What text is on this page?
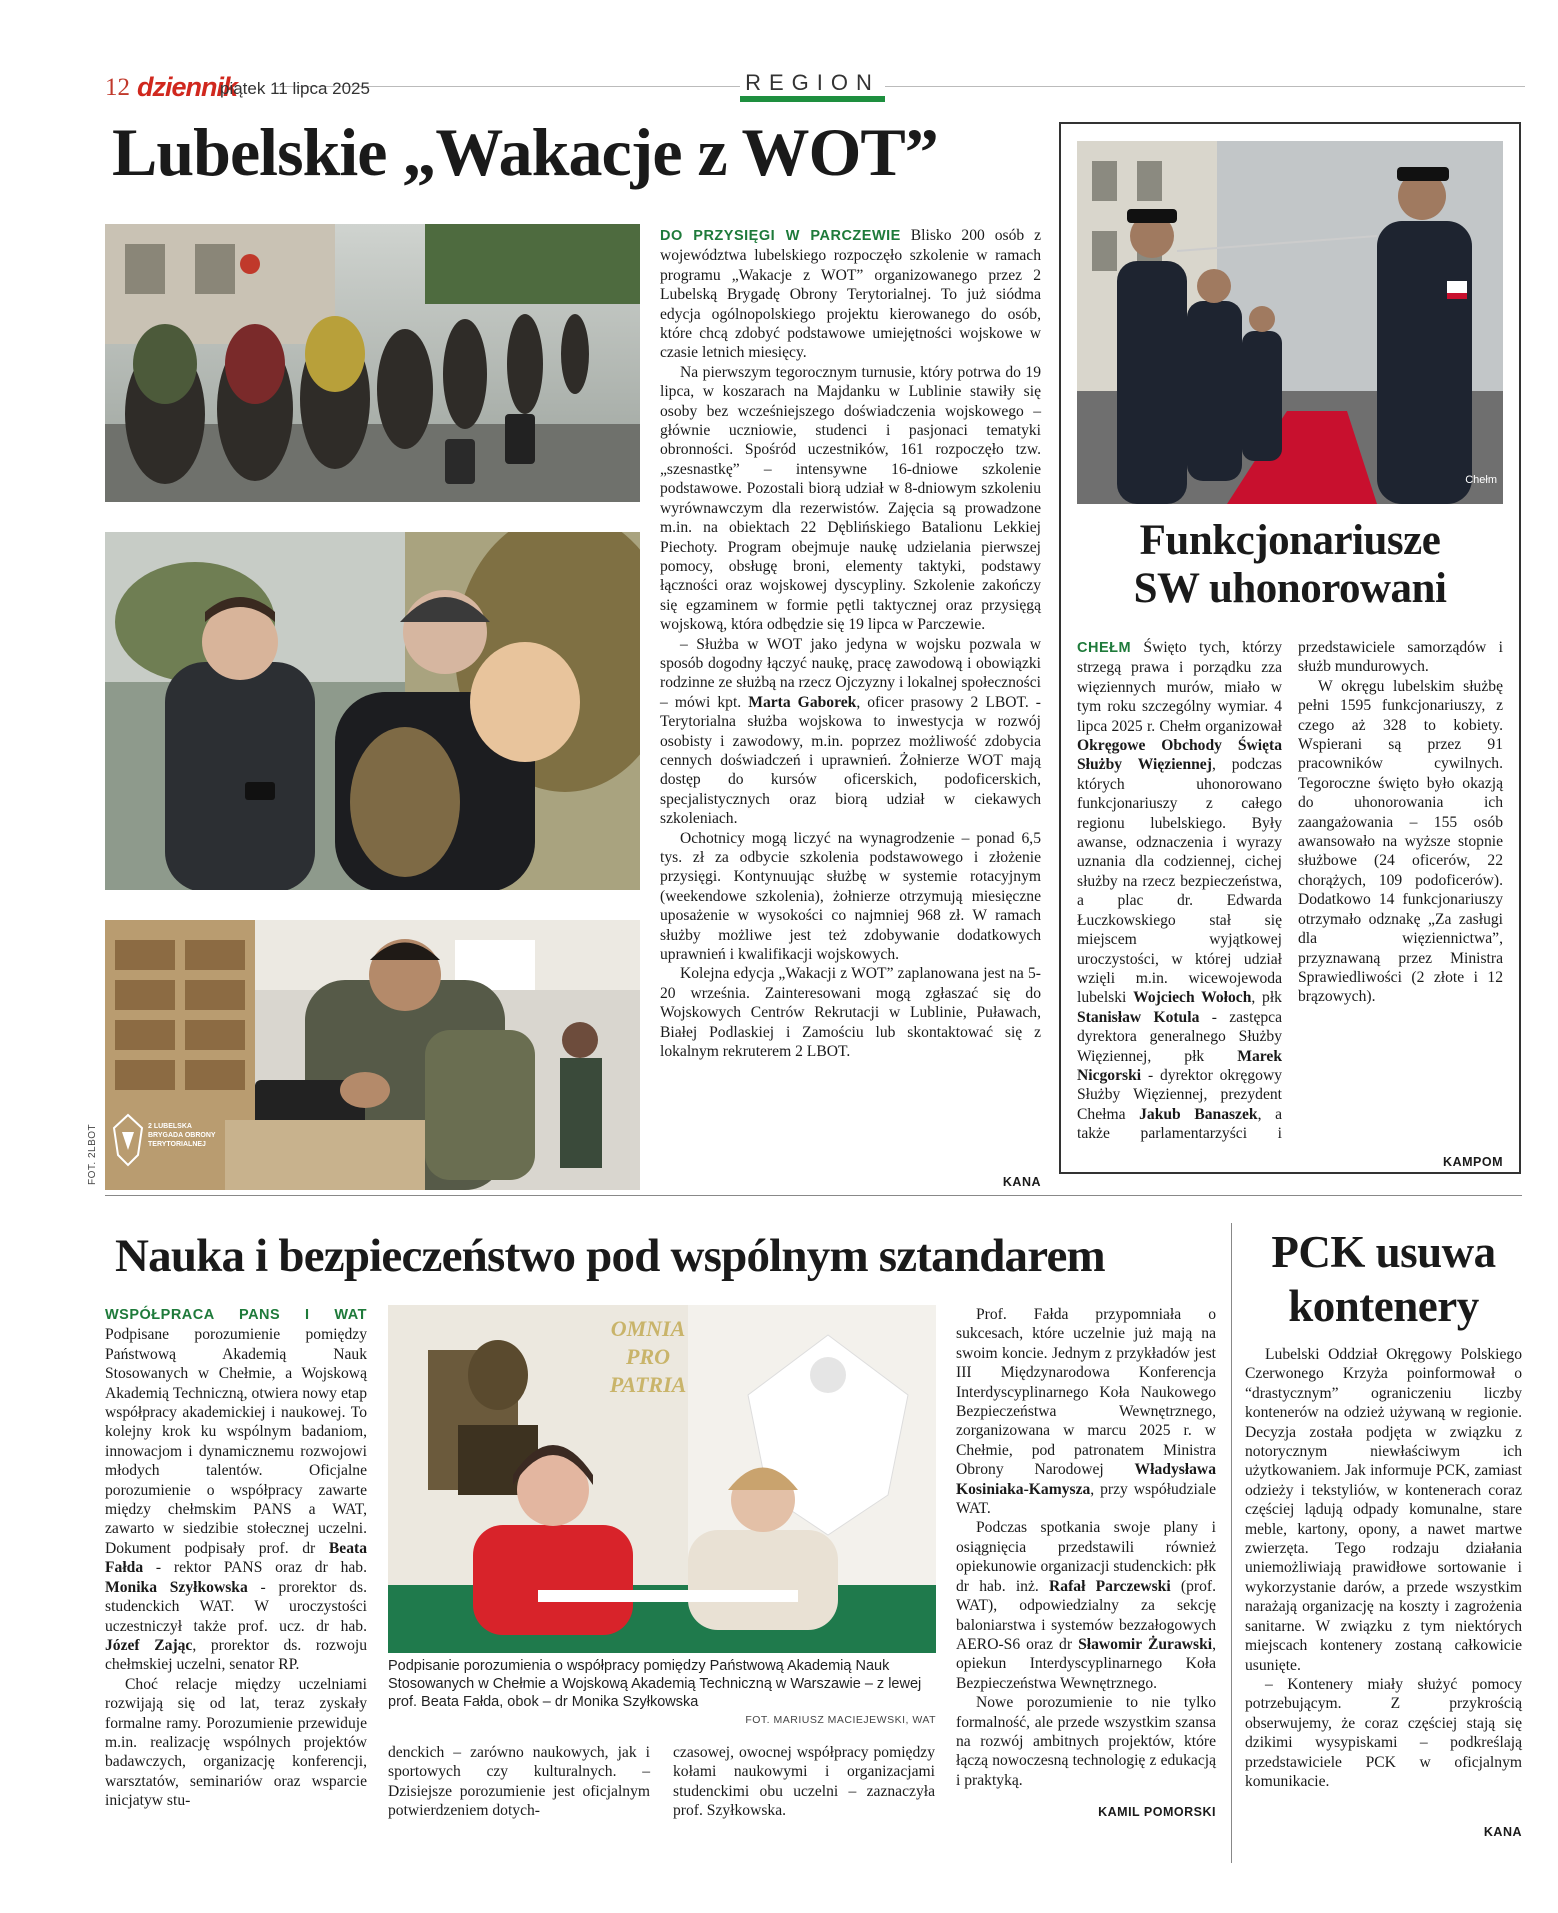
12 dziennik
piątek 11 lipca 2025	REGION
Lubelskie „Wakacje z WOT”
2 LUBELSKA BRYGADA OBRONY TERYTORIALNEJ
FOT. 2LBOT

DO PRZYSIĘGI W PARCZEWIE Blisko 200 osób z województwa lubelskiego rozpoczęło szkolenie w ramach programu „Wakacje z WOT” organizowanego przez 2 Lubelską Brygadę Obrony Terytorialnej. To już siódma edycja ogólnopolskiego projektu kierowanego do osób, które chcą zdobyć podstawowe umiejętności wojskowe w czasie letnich miesięcy.

Na pierwszym tegorocznym turnusie, który potrwa do 19 lipca, w koszarach na Majdanku w Lublinie stawiły się osoby bez wcześniejszego doświadczenia wojskowego – głównie uczniowie, studenci i pasjonaci tematyki obronności. Spośród uczestników, 161 rozpoczęło tzw. „szesnastkę” – intensywne 16-dniowe szkolenie podstawowe. Pozostali biorą udział w 8-dniowym szkoleniu wyrównawczym dla rezerwistów. Zajęcia są prowadzone m.in. na obiektach 22 Dęblińskiego Batalionu Lekkiej Piechoty. Program obejmuje naukę udzielania pierwszej pomocy, obsługę broni, elementy taktyki, podstawy łączności oraz wojskowej dyscypliny. Szkolenie zakończy się egzaminem w formie pętli taktycznej oraz przysięgą wojskową, która odbędzie się 19 lipca w Parczewie.

– Służba w WOT jako jedyna w wojsku pozwala w sposób dogodny łączyć naukę, pracę zawodową i obowiązki rodzinne ze służbą na rzecz Ojczyzny i lokalnej społeczności – mówi kpt. Marta Gaborek, oficer prasowy 2 LBOT. - Terytorialna służba wojskowa to inwestycja w rozwój osobisty i zawodowy, m.in. poprzez możliwość zdobycia cennych doświadczeń i uprawnień. Żołnierze WOT mają dostęp do kursów oficerskich, podoficerskich, specjalistycznych oraz biorą udział w ciekawych szkoleniach.

Ochotnicy mogą liczyć na wynagrodzenie – ponad 6,5 tys. zł za odbycie szkolenia podstawowego i złożenie przysięgi. Kontynuując służbę w systemie rotacyjnym (weekendowe szkolenia), żołnierze otrzymują miesięczne uposażenie w wysokości co najmniej 968 zł. W ramach służby możliwe jest też zdobywanie dodatkowych uprawnień i kwalifikacji wojskowych.

Kolejna edycja „Wakacji z WOT” zaplanowana jest na 5-20 września. Zainteresowani mogą zgłaszać się do Wojskowych Centrów Rekrutacji w Lublinie, Puławach, Białej Podlaskiej i Zamościu lub skontaktować się z lokalnym rekruterem 2 LBOT.

KANA
Chełm
Funkcjonariusze
SW uhonorowani

CHEŁM Święto tych, którzy strzegą prawa i porządku zza więziennych murów, miało w tym roku szczególny wymiar. 4 lipca 2025 r. Chełm organizował Okręgowe Obchody Święta Służby Więziennej, podczas których uhonorowano funkcjonariuszy z całego regionu lubelskiego. Były awanse, odznaczenia i wyrazy uznania dla codziennej, cichej służby na rzecz bezpieczeństwa, a plac dr. Edwarda Łuczkowskiego stał się miejscem wyjątkowej uroczystości, w której udział wzięli m.in. wicewojewoda lubelski Wojciech Wołoch, płk Stanisław Kotula - zastępca dyrektora generalnego Służby Więziennej, płk Marek Nicgorski - dyrektor okręgowy Służby Więziennej, prezydent Chełma Jakub Banaszek, a także parlamentarzyści i przedstawiciele samorządów i służb mundurowych.

W okręgu lubelskim służbę pełni 1595 funkcjonariuszy, z czego aż 328 to kobiety. Wspierani są przez 91 pracowników cywilnych. Tegoroczne święto było okazją do uhonorowania ich zaangażowania – 155 osób awansowało na wyższe stopnie służbowe (24 oficerów, 22 chorążych, 109 podoficerów). Dodatkowo 14 funkcjonariuszy otrzymało odznakę „Za zasługi dla więziennictwa”, przyznawaną przez Ministra Sprawiedliwości (2 złote i 12 brązowych).

KAMPOM
Nauka i bezpieczeństwo pod wspólnym sztandarem

WSPÓŁPRACA PANS I WAT Podpisane porozumienie pomiędzy Państwową Akademią Nauk Stosowanych w Chełmie, a Wojskową Akademią Techniczną, otwiera nowy etap współpracy akademickiej i naukowej. To kolejny krok ku wspólnym badaniom, innowacjom i dynamicznemu rozwojowi młodych talentów. Oficjalne porozumienie o współpracy zawarte między chełmskim PANS a WAT, zawarto w siedzibie stołecznej uczelni. Dokument podpisały prof. dr Beata Fałda - rektor PANS oraz dr hab. Monika Szyłkowska - prorektor ds. studenckich WAT. W uroczystości uczestniczył także prof. ucz. dr hab. Józef Zając, prorektor ds. rozwoju chełmskiej uczelni, senator RP.

Choć relacje między uczelniami rozwijają się od lat, teraz zyskały formalne ramy. Porozumienie przewiduje m.in. realizację wspólnych projektów badawczych, organizację konferencji, warsztatów, seminariów oraz wsparcie inicjatyw stu-

OMNIA
PRO
PATRIA
Podpisanie porozumienia o współpracy pomiędzy Państwową Akademią Nauk Stosowanych w Chełmie a Wojskową Akademią Techniczną w Warszawie – z lewej prof. Beata Fałda, obok – dr Monika Szyłkowska
FOT. MARIUSZ MACIEJEWSKI, WAT

denckich – zarówno naukowych, jak i sportowych czy kulturalnych. – Dzisiejsze porozumienie jest oficjalnym potwierdzeniem dotych-

czasowej, owocnej współpracy pomiędzy kołami naukowymi i organizacjami studenckimi obu uczelni – zaznaczyła prof. Szyłkowska.

Prof. Fałda przypomniała o sukcesach, które uczelnie już mają na swoim koncie. Jednym z przykładów jest III Międzynarodowa Konferencja Interdyscyplinarnego Koła Naukowego Bezpieczeństwa Wewnętrznego, zorganizowana w marcu 2025 r. w Chełmie, pod patronatem Ministra Obrony Narodowej Władysława Kosiniaka-Kamysza, przy współudziale WAT.

Podczas spotkania swoje plany i osiągnięcia przedstawili również opiekunowie organizacji studenckich: płk dr hab. inż. Rafał Parczewski (prof. WAT), odpowiedzialny za sekcję baloniarstwa i systemów bezzałogowych AERO-S6 oraz dr Sławomir Żurawski, opiekun Interdyscyplinarnego Koła Bezpieczeństwa Wewnętrznego.

Nowe porozumienie to nie tylko formalność, ale przede wszystkim szansa na rozwój ambitnych projektów, które łączą nowoczesną technologię z edukacją i praktyką.

KAMIL POMORSKI
PCK usuwa
kontenery

Lubelski Oddział Okręgowy Polskiego Czerwonego Krzyża poinformował o “drastycznym” ograniczeniu liczby kontenerów na odzież używaną w regionie. Decyzja została podjęta w związku z notorycznym niewłaściwym ich użytkowaniem. Jak informuje PCK, zamiast odzieży i tekstyliów, w kontenerach coraz częściej lądują odpady komunalne, stare meble, kartony, opony, a nawet martwe zwierzęta. Tego rodzaju działania uniemożliwiają prawidłowe sortowanie i wykorzystanie darów, a przede wszystkim narażają organizację na koszty i zagrożenia sanitarne. W związku z tym niektórych miejscach kontenery zostaną całkowicie usunięte.

– Kontenery miały służyć pomocy potrzebującym. Z przykrością obserwujemy, że coraz częściej stają się dzikimi wysypiskami – podkreślają przedstawiciele PCK w oficjalnym komunikacie.

KANA
